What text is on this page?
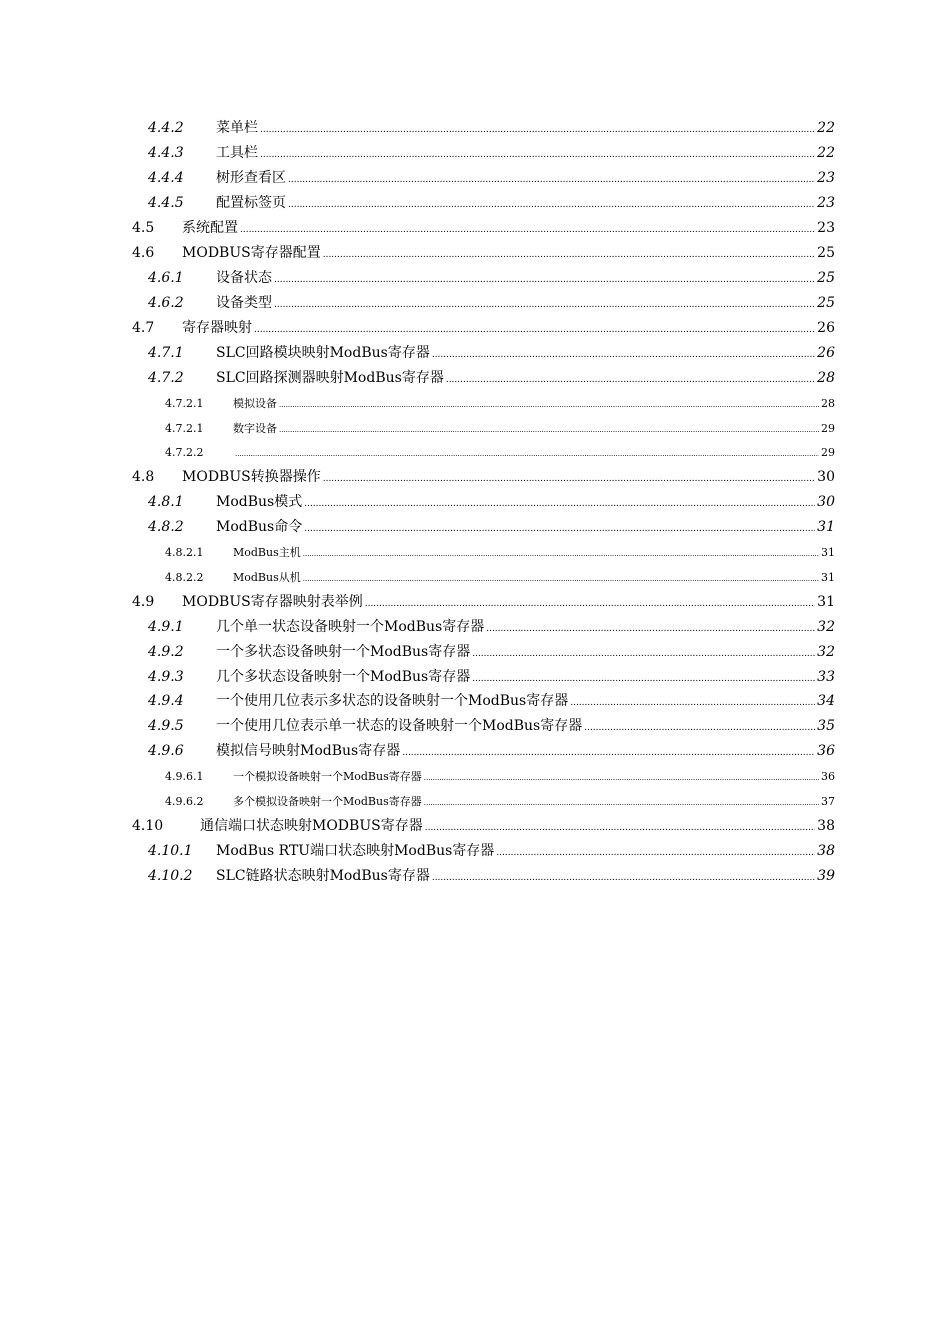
4.4.2	菜单栏 .....	22
4.4.3	工具栏 .....	22
4.4.4	树形查看区 .....	23
4.4.5	配置标签页 .....	23
4.5	系统配置 .....	23
4.6	MODBUS寄存器配置 .....	25
4.6.1	设备状态 .....	25
4.6.2	设备类型 .....	25
4.7	寄存器映射 .....	26
4.7.1	SLC回路模块映射ModBus寄存器 .....	26
4.7.2	SLC回路探测器映射ModBus寄存器 .....	28
4.7.2.1	模拟设备 .....	28
4.7.2.1	数字设备 .....	29
4.7.2.2 .....	29
4.8	MODBUS转换器操作 .....	30
4.8.1	ModBus模式 .....	30
4.8.2	ModBus命令 .....	31
4.8.2.1	ModBus主机 .....	31
4.8.2.2	ModBus从机 .....	31
4.9	MODBUS寄存器映射表举例 .....	31
4.9.1	几个单一状态设备映射一个ModBus寄存器 .....	32
4.9.2	一个多状态设备映射一个ModBus寄存器 .....	32
4.9.3	几个多状态设备映射一个ModBus寄存器 .....	33
4.9.4	一个使用几位表示多状态的设备映射一个ModBus寄存器 .....	34
4.9.5	一个使用几位表示单一状态的设备映射一个ModBus寄存器 .....	35
4.9.6	模拟信号映射ModBus寄存器 .....	36
4.9.6.1	一个模拟设备映射一个ModBus寄存器 .....	36
4.9.6.2	多个模拟设备映射一个ModBus寄存器 .....	37
4.10	通信端口状态映射MODBUS寄存器 .....	38
4.10.1	ModBus RTU端口状态映射ModBus寄存器 .....	38
4.10.2	SLC链路状态映射ModBus寄存器 .....	39
